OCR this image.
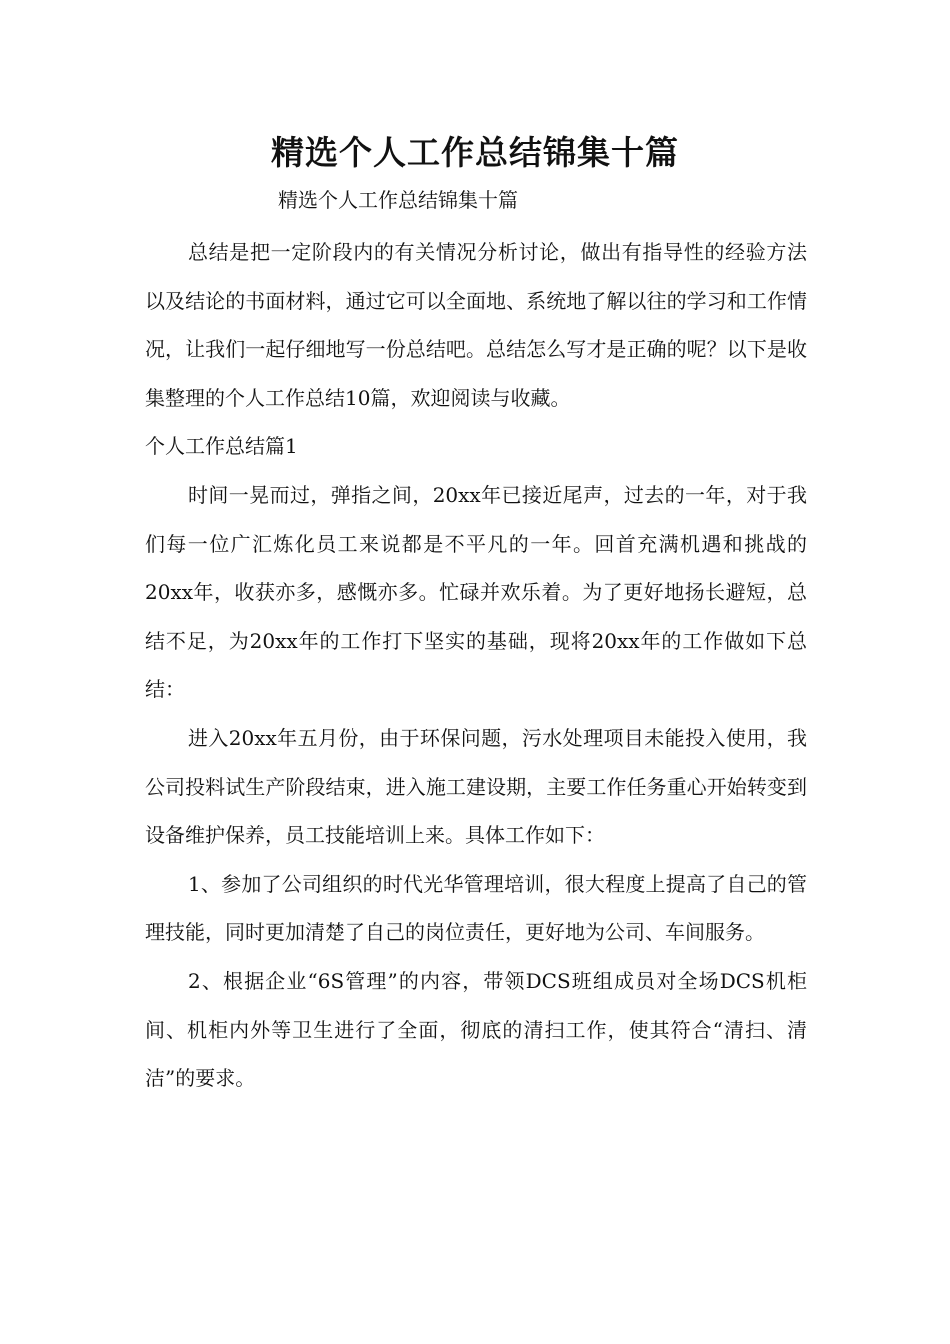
精选个人工作总结锦集十篇
精选个人工作总结锦集十篇

总结是把一定阶段内的有关情况分析讨论，做出有指导性的经验方法以及结论的书面材料，通过它可以全面地、系统地了解以往的学习和工作情况，让我们一起仔细地写一份总结吧。总结怎么写才是正确的呢？以下是收集整理的个人工作总结10篇，欢迎阅读与收藏。

个人工作总结篇1

时间一晃而过，弹指之间，20xx年已接近尾声，过去的一年，对于我们每一位广汇炼化员工来说都是不平凡的一年。回首充满机遇和挑战的20xx年，收获亦多，感慨亦多。忙碌并欢乐着。为了更好地扬长避短，总结不足，为20xx年的工作打下坚实的基础，现将20xx年的工作做如下总结：

进入20xx年五月份，由于环保问题，污水处理项目未能投入使用，我公司投料试生产阶段结束，进入施工建设期，主要工作任务重心开始转变到设备维护保养，员工技能培训上来。具体工作如下：

1、参加了公司组织的时代光华管理培训，很大程度上提高了自己的管理技能，同时更加清楚了自己的岗位责任，更好地为公司、车间服务。

2、根据企业“6S管理”的内容，带领DCS班组成员对全场DCS机柜间、机柜内外等卫生进行了全面，彻底的清扫工作，使其符合“清扫、清洁”的要求。
